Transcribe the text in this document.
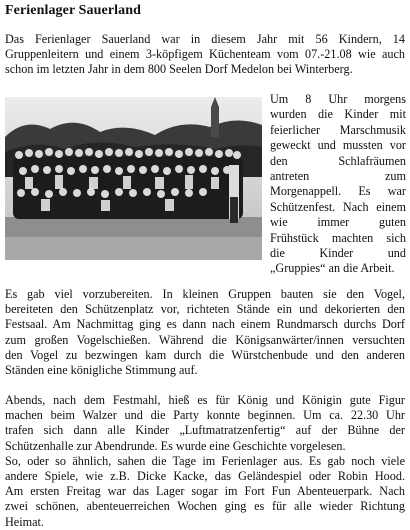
Ferienlager Sauerland
Das Ferienlager Sauerland war in diesem Jahr mit 56 Kindern, 14
Gruppenleitern und einem 3-köpfigem Küchenteam vom 07.-21.08 wie auch
schon im letzten Jahr in dem 800 Seelen Dorf Medelon bei Winterberg.
Um 8 Uhr morgens
wurden die Kinder mit
feierlicher Marschmusik
geweckt und mussten vor
den Schlafräumen
antreten zum
Morgenappell. Es war
Schützenfest. Nach einem
wie immer guten
Frühstück machten sich
die Kinder und
„Gruppies“ an die Arbeit.
Es gab viel vorzubereiten. In kleinen Gruppen bauten sie den Vogel,
bereiteten den Schützenplatz vor, richteten Stände ein und dekorierten den
Festsaal. Am Nachmittag ging es dann nach einem Rundmarsch durchs Dorf
zum großen Vogelschießen. Während die Königsanwärter/innen versuchten
den Vogel zu bezwingen kam durch die Würstchenbude und den anderen
Ständen eine königliche Stimmung auf.
Abends, nach dem Festmahl, hieß es für König und Königin gute Figur
machen beim Walzer und die Party konnte beginnen. Um ca. 22.30 Uhr
trafen sich dann alle Kinder „Luftmatratzenfertig“ auf der Bühne der
Schützenhalle zur Abendrunde. Es wurde eine Geschichte vorgelesen.
So, oder so ähnlich, sahen die Tage im Ferienlager aus. Es gab noch viele
andere Spiele, wie z.B. Dicke Kacke, das Geländespiel oder Robin Hood.
Am ersten Freitag war das Lager sogar im Fort Fun Abenteuerpark. Nach
zwei schönen, abenteuerreichen Wochen ging es für alle wieder Richtung
Heimat.
